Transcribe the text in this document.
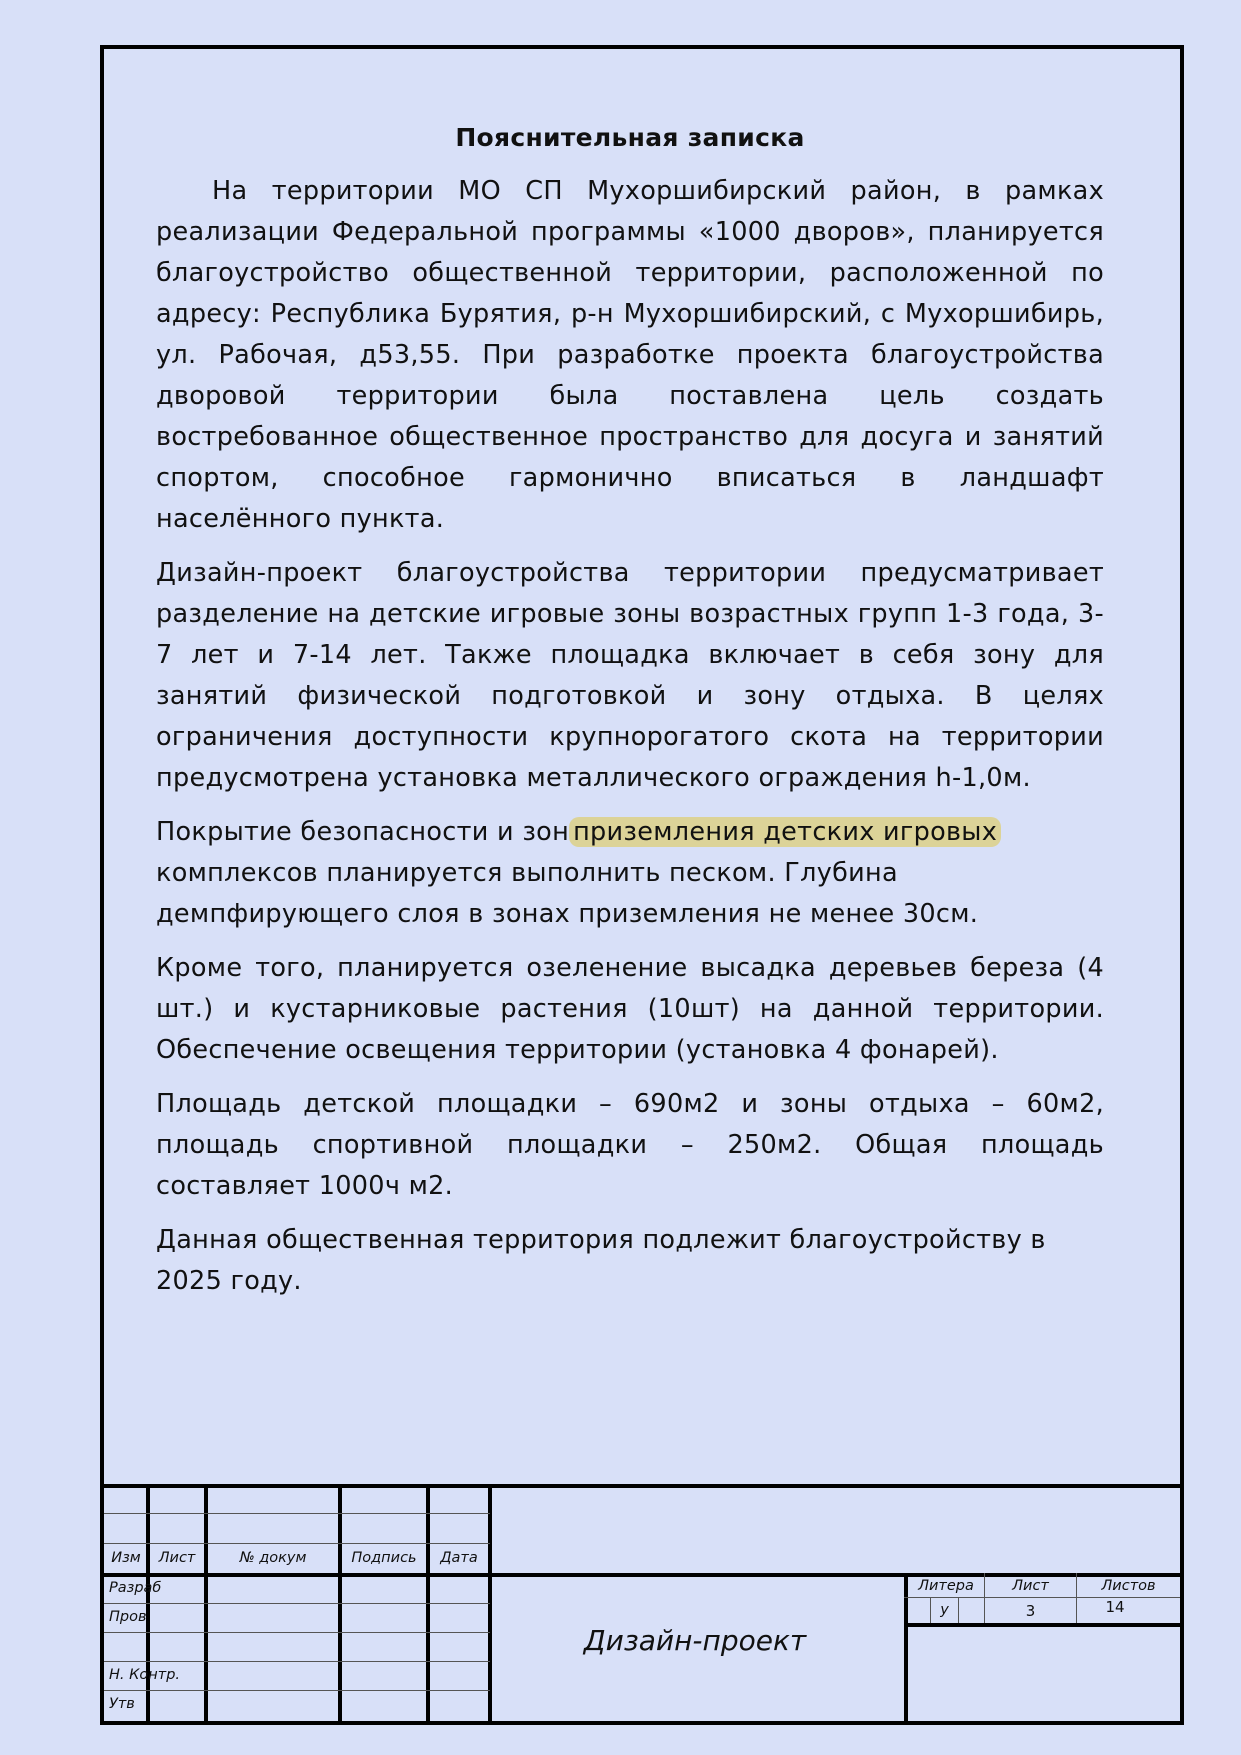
Пояснительная записка

На территории МО СП Мухоршибирский район, в рамках реализации Федеральной программы «1000 дворов», планируется благоустройство общественной территории, расположенной по адресу: Республика Бурятия, р-н Мухоршибирский, с Мухоршибирь, ул. Рабочая, д53,55. При разработке проекта благоустройства дворовой территории была поставлена цель создать востребованное общественное пространство для досуга и занятий спортом, способное гармонично вписаться в ландшафт населённого пункта.

Дизайн-проект благоустройства территории предусматривает разделение на детские игровые зоны возрастных групп 1-3 года, 3-7 лет и 7-14 лет. Также площадка включает в себя зону для занятий физической подготовкой и зону отдыха. В целях ограничения доступности крупнорогатого скота на территории предусмотрена установка металлического ограждения h-1,0м.

Покрытие безопасности и зон приземления детских игровых
комплексов планируется выполнить песком. Глубина
демпфирующего слоя в зонах приземления не менее 30см.

Кроме того, планируется озеленение высадка деревьев береза (4 шт.) и кустарниковые растения (10шт) на данной территории. Обеспечение освещения территории (установка 4 фонарей).

Площадь детской площадки – 690м2 и зоны отдыха – 60м2, площадь спортивной площадки – 250м2. Общая площадь составляет 1000ч м2.

Данная общественная территория подлежит благоустройству в 2025 году.

Изм	Лист	№ докум	Подпись	Дата
Разраб
Пров
Н. Контр.
Утв
Дизайн-проект
Литера	Лист	Листов
у	3	14
